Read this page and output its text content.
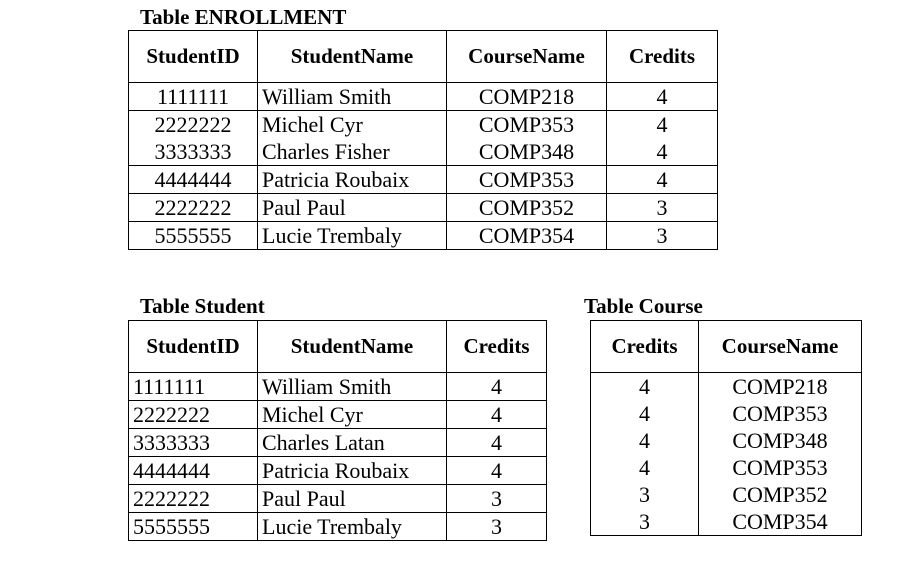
Table ENROLLMENT
StudentID	StudentName	CourseName	Credits
1111111	William Smith	COMP218	4
2222222	Michel Cyr	COMP353	4
3333333	Charles Fisher	COMP348	4
4444444	Patricia Roubaix	COMP353	4
2222222	Paul Paul	COMP352	3
5555555	Lucie Trembaly	COMP354	3
Table Student
StudentID	StudentName	Credits
1111111	William Smith	4
2222222	Michel Cyr	4
3333333	Charles Latan	4
4444444	Patricia Roubaix	4
2222222	Paul Paul	3
5555555	Lucie Trembaly	3
Table Course
Credits	CourseName
4	COMP218
4	COMP353
4	COMP348
4	COMP353
3	COMP352
3	COMP354
